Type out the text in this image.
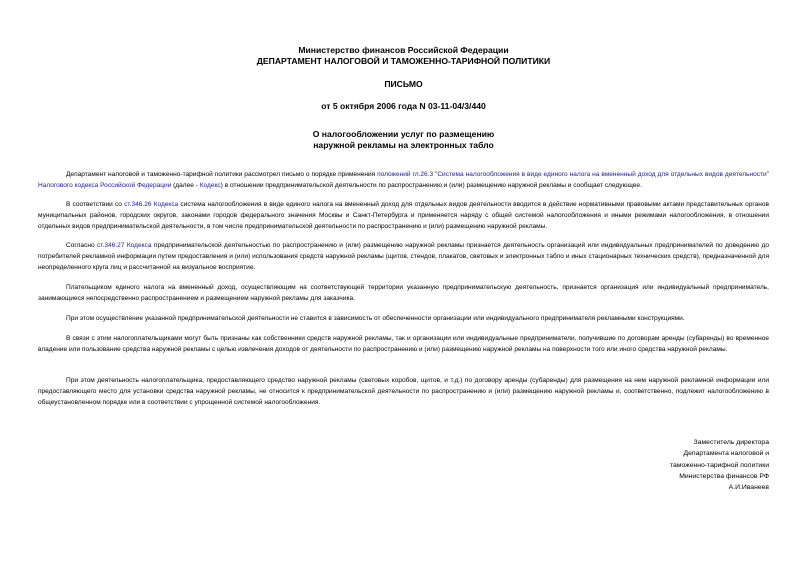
Министерство финансов Российской Федерации
ДЕПАРТАМЕНТ НАЛОГОВОЙ И ТАМОЖЕННО-ТАРИФНОЙ ПОЛИТИКИ
ПИСЬМО
от 5 октября 2006 года N 03-11-04/3/440
О налогообложении услуг по размещению
наружной рекламы на электронных табло

Департамент налоговой и таможенно-тарифной политики рассмотрел письмо о порядке применения положений гл.26.3 "Система налогообложения в виде единого налога на вмененный доход для отдельных видов деятельности" Налогового кодекса Российской Федерации (далее - Кодекс) в отношении предпринимательской деятельности по распространению и (или) размещению наружной рекламы и сообщает следующее.

В соответствии со ст.346.26 Кодекса система налогообложения в виде единого налога на вмененный доход для отдельных видов деятельности вводится в действие нормативными правовыми актами представительных органов муниципальных районов, городских округов, законами городов федерального значения Москвы и Санкт-Петербурга и применяется наряду с общей системой налогообложения и иными режимами налогообложения, в отношении отдельных видов предпринимательской деятельности, в том числе предпринимательской деятельности по распространению и (или) размещению наружной рекламы.

Согласно ст.346.27 Кодекса предпринимательской деятельностью по распространению и (или) размещению наружной рекламы признается деятельность организаций или индивидуальных предпринимателей по доведению до потребителей рекламной информации путем предоставления и (или) использования средств наружной рекламы (щитов, стендов, плакатов, световых и электронных табло и иных стационарных технических средств), предназначенной для неопределенного круга лиц и рассчитанной на визуальное восприятие.

Плательщиком единого налога на вмененный доход, осуществляющим на соответствующей территории указанную предпринимательскую деятельность, признается организация или индивидуальный предприниматель, занимающиеся непосредственно распространением и размещением наружной рекламы для заказчика.

При этом осуществление указанной предпринимательской деятельности не ставится в зависимость от обеспеченности организации или индивидуального предпринимателя рекламными конструкциями.

В связи с этим налогоплательщиками могут быть признаны как собственники средств наружной рекламы, так и организации или индивидуальные предприниматели, получившие по договорам аренды (субаренды) во временное владение или пользование средства наружной рекламы с целью извлечения доходов от деятельности по распространению и (или) размещению наружной рекламы на поверхности того или иного средства наружной рекламы.

При этом деятельность налогоплательщика, предоставляющего средство наружной рекламы (световых коробов, щитов, и т.д.) по договору аренды (субаренды) для размещения на нем наружной рекламной информации или предоставляющего место для установки средства наружной рекламы, не относится к предпринимательской деятельности по распространению и (или) размещению наружной рекламы и, соответственно, подлежит налогообложению в общеустановленном порядке или в соответствии с упрощенной системой налогообложения.

Заместитель директора
Департамента налоговой и
таможенно-тарифной политики
Министерства финансов РФ
А.И.Иванеев
